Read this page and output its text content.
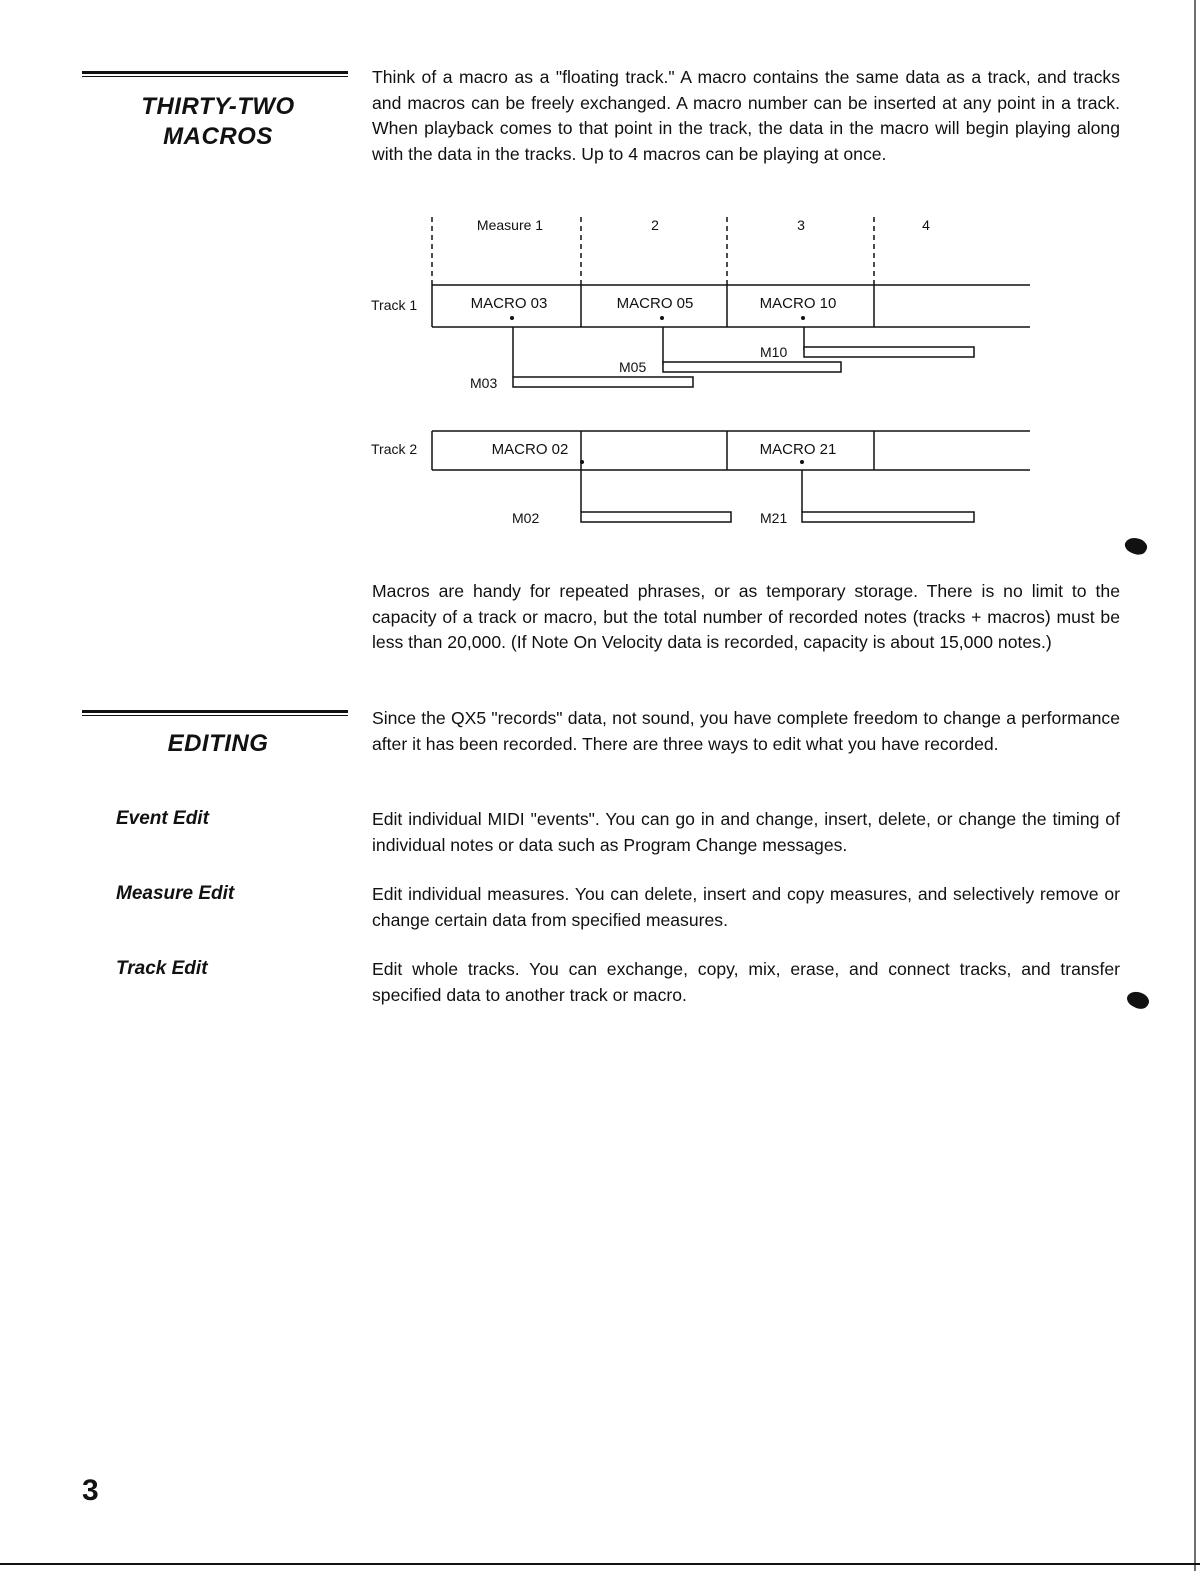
THIRTY-TWO
MACROS
Think of a macro as a "floating track." A macro contains the same data as a track, and tracks and macros can be freely exchanged. A macro number can be inserted at any point in a track. When playback comes to that point in the track, the data in the macro will begin playing along with the data in the tracks. Up to 4 macros can be playing at once.
Measure 1	2	3	4
Track 1	MACRO 03	MACRO 05	MACRO 10
M03
M05
M10
Track 2	MACRO 02	MACRO 21
M02	M21
Macros are handy for repeated phrases, or as temporary storage. There is no limit to the capacity of a track or macro, but the total number of recorded notes (tracks + macros) must be less than 20,000. (If Note On Velocity data is recorded, capacity is about 15,000 notes.)
EDITING
Since the QX5 "records" data, not sound, you have complete freedom to change a performance after it has been recorded. There are three ways to edit what you have recorded.
Event Edit	Edit individual MIDI "events". You can go in and change, insert, delete, or change the timing of individual notes or data such as Program Change messages.
Measure Edit	Edit individual measures. You can delete, insert and copy measures, and selectively remove or change certain data from specified measures.
Track Edit	Edit whole tracks. You can exchange, copy, mix, erase, and connect tracks, and transfer specified data to another track or macro.
3
